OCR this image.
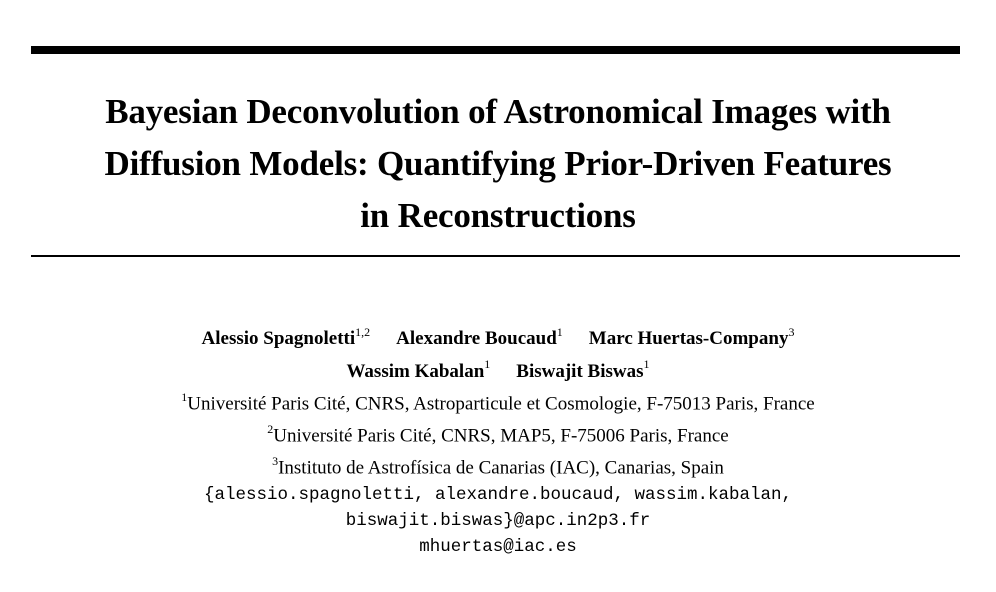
Bayesian Deconvolution of Astronomical Images with
Diffusion Models: Quantifying Prior-Driven Features
in Reconstructions
Alessio Spagnoletti$^{1,2}$ Alexandre Boucaud$^1$ Marc Huertas-Company$^3$
Wassim Kabalan$^1$ Biswajit Biswas$^1$
$^1$Université Paris Cité, CNRS, Astroparticule et Cosmologie, F-75013 Paris, France
$^2$Université Paris Cité, CNRS, MAP5, F-75006 Paris, France
$^3$Instituto de Astrofísica de Canarias (IAC), Canarias, Spain
{alessio.spagnoletti, alexandre.boucaud, wassim.kabalan,
biswajit.biswas}@apc.in2p3.fr
mhuertas@iac.es
